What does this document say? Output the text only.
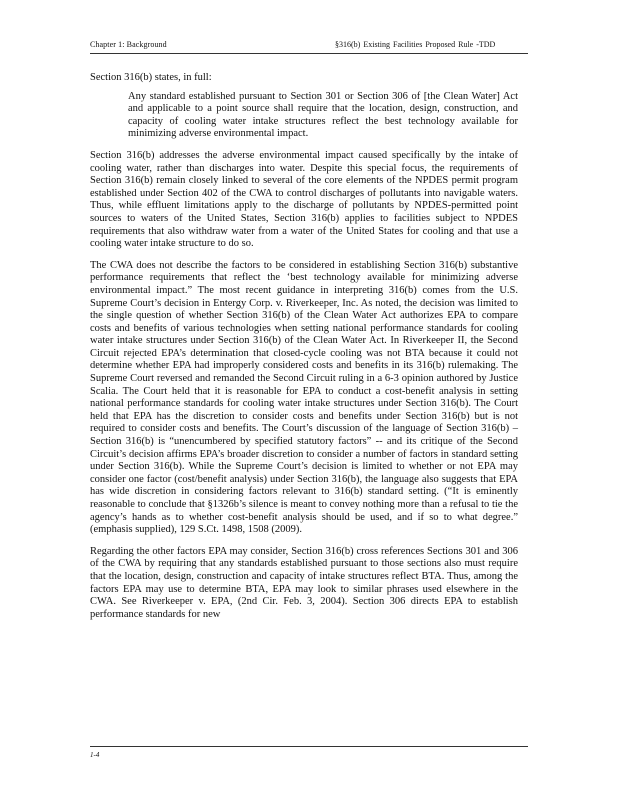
Chapter 1: Background	§316(b) Existing Facilities Proposed Rule -TDD

Section 316(b) states, in full:

Any standard established pursuant to Section 301 or Section 306 of [the Clean Water] Act and applicable to a point source shall require that the location, design, construction, and capacity of cooling water intake structures reflect the best technology available for minimizing adverse environmental impact.

Section 316(b) addresses the adverse environmental impact caused specifically by the intake of cooling water, rather than discharges into water. Despite this special focus, the requirements of Section 316(b) remain closely linked to several of the core elements of the NPDES permit program established under Section 402 of the CWA to control discharges of pollutants into navigable waters. Thus, while effluent limitations apply to the discharge of pollutants by NPDES-permitted point sources to waters of the United States, Section 316(b) applies to facilities subject to NPDES requirements that also withdraw water from a water of the United States for cooling and that use a cooling water intake structure to do so.

The CWA does not describe the factors to be considered in establishing Section 316(b) substantive performance requirements that reflect the ‘best technology available for minimizing adverse environmental impact.” The most recent guidance in interpreting 316(b) comes from the U.S. Supreme Court’s decision in Entergy Corp. v. Riverkeeper, Inc. As noted, the decision was limited to the single question of whether Section 316(b) of the Clean Water Act authorizes EPA to compare costs and benefits of various technologies when setting national performance standards for cooling water intake structures under Section 316(b) of the Clean Water Act. In Riverkeeper II, the Second Circuit rejected EPA’s determination that closed-cycle cooling was not BTA because it could not determine whether EPA had improperly considered costs and benefits in its 316(b) rulemaking. The Supreme Court reversed and remanded the Second Circuit ruling in a 6-3 opinion authored by Justice Scalia. The Court held that it is reasonable for EPA to conduct a cost-benefit analysis in setting national performance standards for cooling water intake structures under Section 316(b). The Court held that EPA has the discretion to consider costs and benefits under Section 316(b) but is not required to consider costs and benefits. The Court’s discussion of the language of Section 316(b) – Section 316(b) is “unencumbered by specified statutory factors” -- and its critique of the Second Circuit’s decision affirms EPA’s broader discretion to consider a number of factors in standard setting under Section 316(b). While the Supreme Court’s decision is limited to whether or not EPA may consider one factor (cost/benefit analysis) under Section 316(b), the language also suggests that EPA has wide discretion in considering factors relevant to 316(b) standard setting. (“It is eminently reasonable to conclude that §1326b’s silence is meant to convey nothing more than a refusal to tie the agency’s hands as to whether cost-benefit analysis should be used, and if so to what degree.” (emphasis supplied), 129 S.Ct. 1498, 1508 (2009).

Regarding the other factors EPA may consider, Section 316(b) cross references Sections 301 and 306 of the CWA by requiring that any standards established pursuant to those sections also must require that the location, design, construction and capacity of intake structures reflect BTA. Thus, among the factors EPA may use to determine BTA, EPA may look to similar phrases used elsewhere in the CWA. See Riverkeeper v. EPA, (2nd Cir. Feb. 3, 2004). Section 306 directs EPA to establish performance standards for new

1-4
